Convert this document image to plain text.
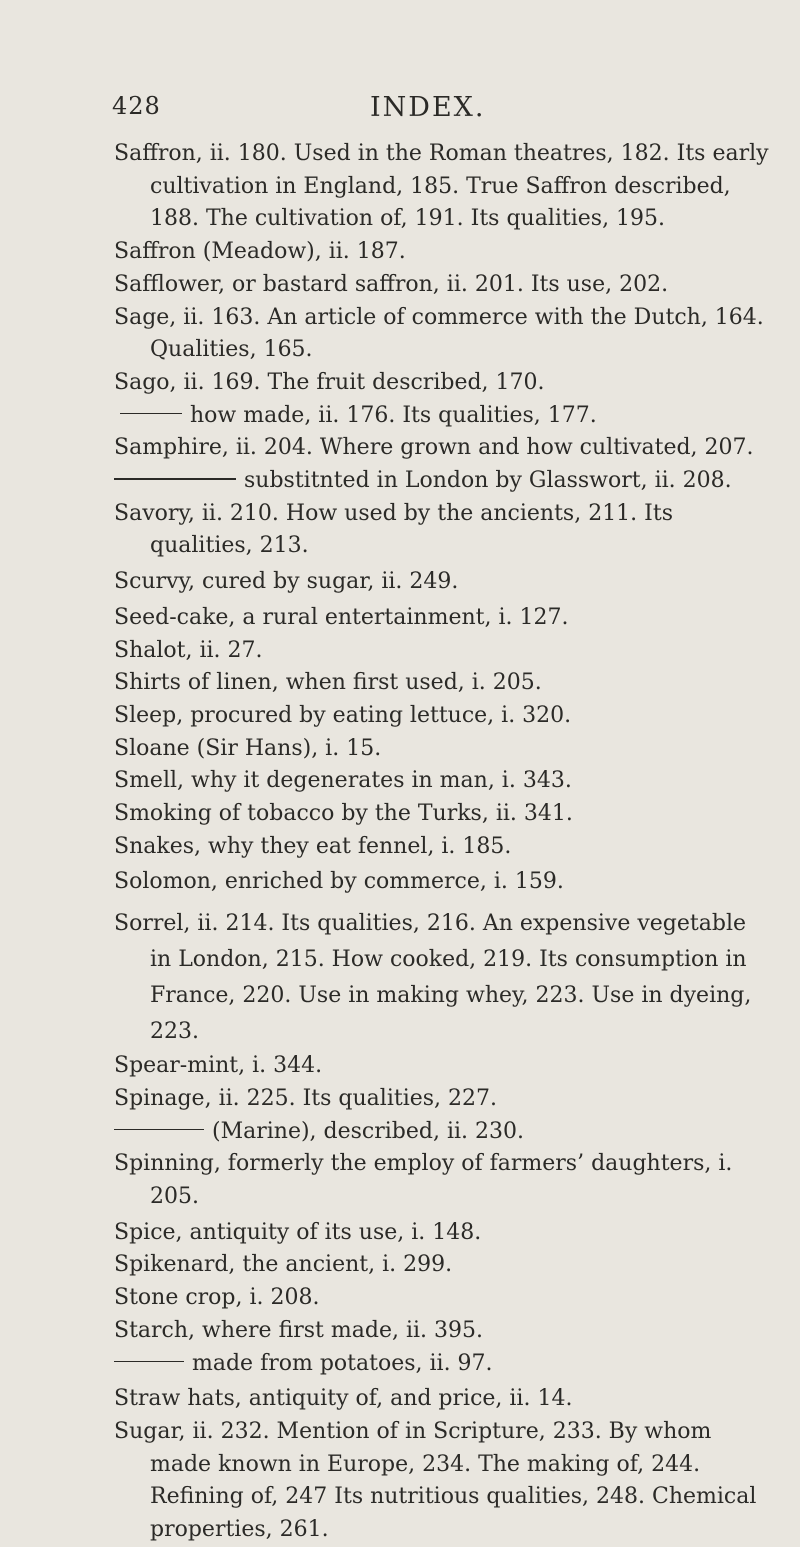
428	INDEX.
Saffron, ii. 180. Used in the Roman theatres, 182. Its early cultivation in England, 185. True Saffron described, 188. The cultivation of, 191. Its qualities, 195.
Saffron (Meadow), ii. 187.
Safflower, or bastard saffron, ii. 201. Its use, 202.
Sage, ii. 163. An article of commerce with the Dutch, 164. Qualities, 165.
Sago, ii. 169. The fruit described, 170.
how made, ii. 176. Its qualities, 177.
Samphire, ii. 204. Where grown and how cultivated, 207.
substitnted in London by Glasswort, ii. 208.
Savory, ii. 210. How used by the ancients, 211. Its qualities, 213.
Scurvy, cured by sugar, ii. 249.
Seed-cake, a rural entertainment, i. 127.
Shalot, ii. 27.
Shirts of linen, when first used, i. 205.
Sleep, procured by eating lettuce, i. 320.
Sloane (Sir Hans), i. 15.
Smell, why it degenerates in man, i. 343.
Smoking of tobacco by the Turks, ii. 341.
Snakes, why they eat fennel, i. 185.
Solomon, enriched by commerce, i. 159.
Sorrel, ii. 214. Its qualities, 216. An expensive vegetable in London, 215. How cooked, 219. Its consumption in France, 220. Use in making whey, 223. Use in dyeing, 223.
Spear-mint, i. 344.
Spinage, ii. 225. Its qualities, 227.
(Marine), described, ii. 230.
Spinning, formerly the employ of farmers’ daughters, i. 205.
Spice, antiquity of its use, i. 148.
Spikenard, the ancient, i. 299.
Stone crop, i. 208.
Starch, where first made, ii. 395.
made from potatoes, ii. 97.
Straw hats, antiquity of, and price, ii. 14.
Sugar, ii. 232. Mention of in Scripture, 233. By whom made known in Europe, 234. The making of, 244. Refining of, 247 Its nutritious qualities, 248. Chemical properties, 261.
